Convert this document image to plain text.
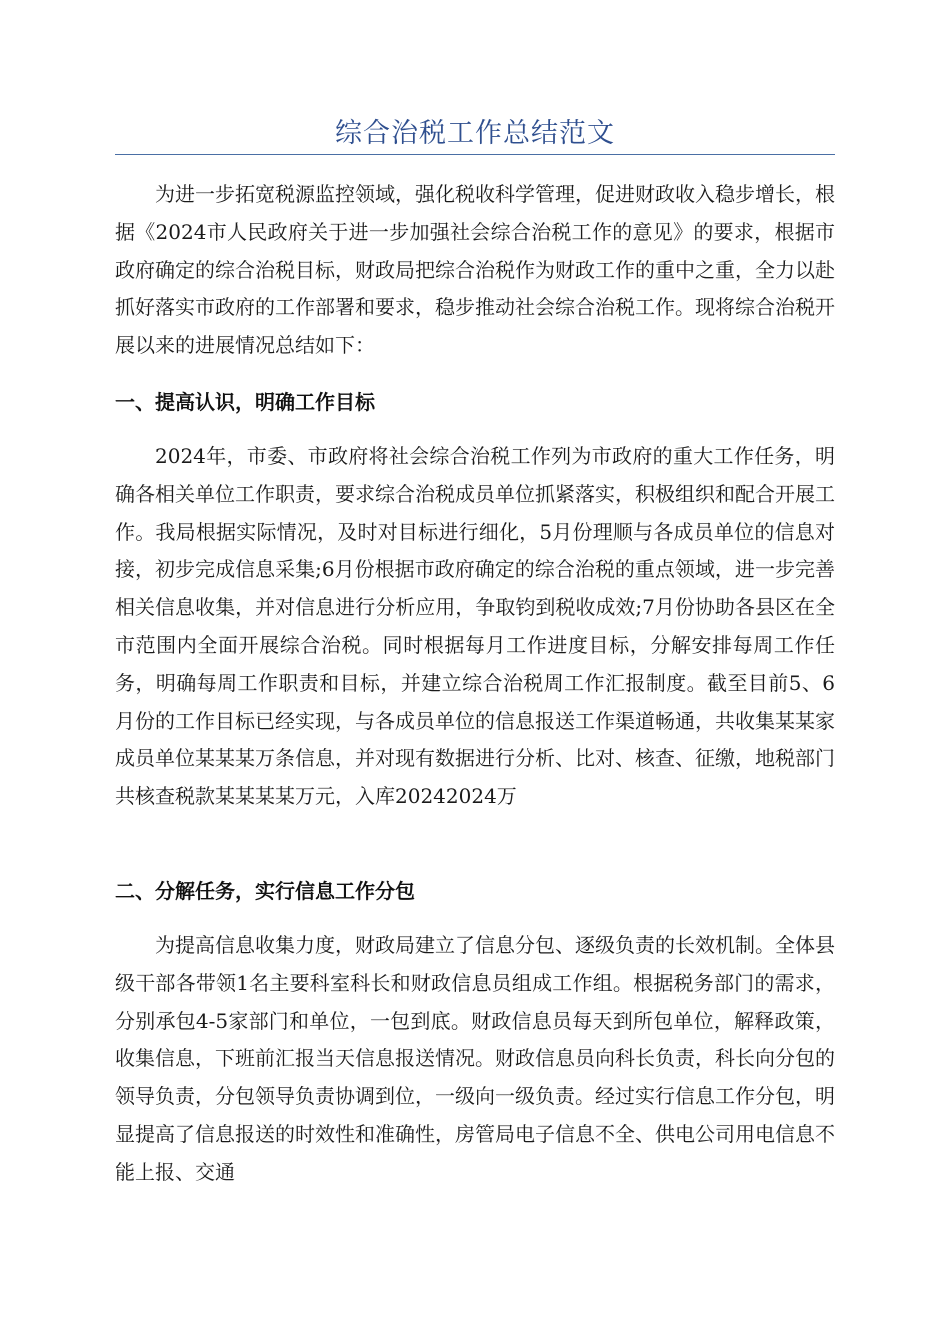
综合治税工作总结范文

为进一步拓宽税源监控领域，强化税收科学管理，促进财政收入稳步增长，根据《2024市人民政府关于进一步加强社会综合治税工作的意见》的要求，根据市政府确定的综合治税目标，财政局把综合治税作为财政工作的重中之重，全力以赴抓好落实市政府的工作部署和要求，稳步推动社会综合治税工作。现将综合治税开展以来的进展情况总结如下：

一、提高认识，明确工作目标

2024年，市委、市政府将社会综合治税工作列为市政府的重大工作任务，明确各相关单位工作职责，要求综合治税成员单位抓紧落实，积极组织和配合开展工作。我局根据实际情况，及时对目标进行细化，5月份理顺与各成员单位的信息对接，初步完成信息采集;6月份根据市政府确定的综合治税的重点领域，进一步完善相关信息收集，并对信息进行分析应用，争取钧到税收成效;7月份协助各县区在全市范围内全面开展综合治税。同时根据每月工作进度目标，分解安排每周工作任务，明确每周工作职责和目标，并建立综合治税周工作汇报制度。截至目前5、6月份的工作目标已经实现，与各成员单位的信息报送工作渠道畅通，共收集某某家成员单位某某某万条信息，并对现有数据进行分析、比对、核查、征缴，地税部门共核查税款某某某某万元，入库20242024万

二、分解任务，实行信息工作分包

为提高信息收集力度，财政局建立了信息分包、逐级负责的长效机制。全体县级干部各带领1名主要科室科长和财政信息员组成工作组。根据税务部门的需求，分别承包4-5家部门和单位，一包到底。财政信息员每天到所包单位，解释政策，收集信息，下班前汇报当天信息报送情况。财政信息员向科长负责，科长向分包的领导负责，分包领导负责协调到位，一级向一级负责。经过实行信息工作分包，明显提高了信息报送的时效性和准确性，房管局电子信息不全、供电公司用电信息不能上报、交通
